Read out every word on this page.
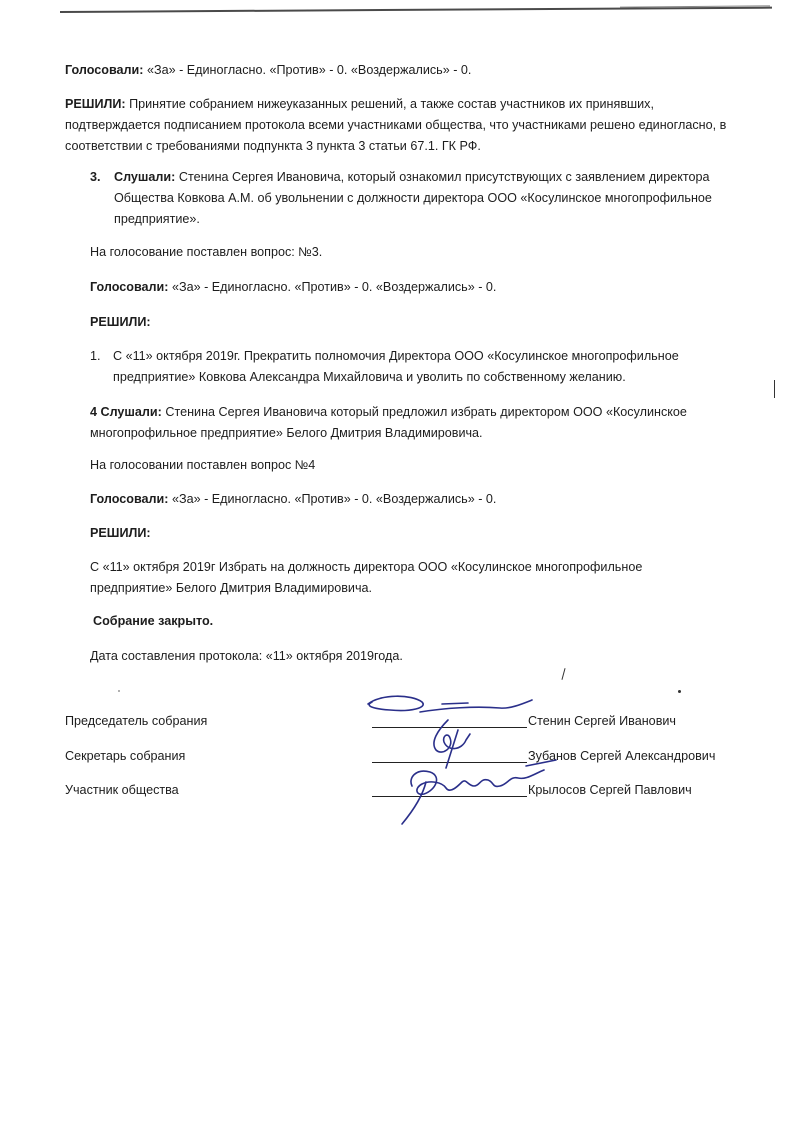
Голосовали: «За» - Единогласно. «Против» - 0. «Воздержались» - 0.

РЕШИЛИ: Принятие собранием нижеуказанных решений, а также состав участников их принявших, подтверждается подписанием протокола всеми участниками общества, что участниками решено единогласно, в соответствии с требованиями подпункта 3 пункта 3 статьи 67.1. ГК РФ.

3. Слушали: Стенина Сергея Ивановича, который ознакомил присутствующих с заявлением директора Общества Ковкова А.М. об увольнении с должности директора ООО «Косулинское многопрофильное предприятие».

На голосование поставлен вопрос: №3.

Голосовали: «За» - Единогласно. «Против» - 0. «Воздержались» - 0.

РЕШИЛИ:

1. С «11» октября 2019г. Прекратить полномочия Директора ООО «Косулинское многопрофильное предприятие» Ковкова Александра Михайловича и уволить по собственному желанию.

4 Слушали: Стенина Сергея Ивановича который предложил избрать директором ООО «Косулинское многопрофильное предприятие» Белого Дмитрия Владимировича.

На голосовании поставлен вопрос №4

Голосовали: «За» - Единогласно. «Против» - 0. «Воздержались» - 0.

РЕШИЛИ:

С «11» октября 2019г Избрать на должность директора ООО «Косулинское многопрофильное предприятие» Белого Дмитрия Владимировича.

Собрание закрыто.

Дата составления протокола: «11» октября 2019года.

Председатель собрания	Стенин Сергей Иванович
Секретарь собрания	Зубанов Сергей Александрович
Участник общества	Крылосов Сергей Павлович
